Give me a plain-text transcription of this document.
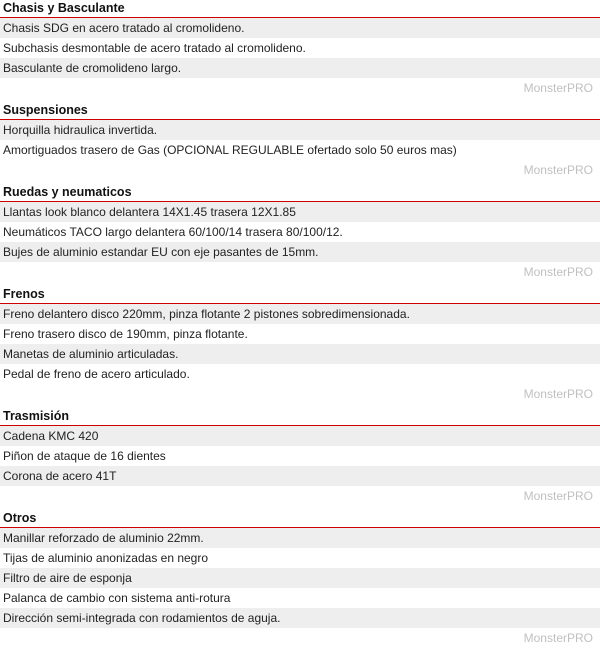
Chasis y Basculante
Chasis SDG en acero tratado al cromolideno.
Subchasis desmontable de acero tratado al cromolideno.
Basculante de cromolideno largo.
MonsterPRO
Suspensiones
Horquilla hidraulica invertida.
Amortiguados trasero de Gas (OPCIONAL REGULABLE ofertado solo 50 euros mas)
MonsterPRO
Ruedas y neumaticos
Llantas look blanco delantera 14X1.45 trasera 12X1.85
Neumáticos TACO largo delantera 60/100/14 trasera 80/100/12.
Bujes de aluminio estandar EU con eje pasantes de 15mm.
MonsterPRO
Frenos
Freno delantero disco 220mm, pinza flotante 2 pistones sobredimensionada.
Freno trasero disco de 190mm, pinza flotante.
Manetas de aluminio articuladas.
Pedal de freno de acero articulado.
MonsterPRO
Trasmisión
Cadena KMC 420
Piñon de ataque de 16 dientes
Corona de acero 41T
MonsterPRO
Otros
Manillar reforzado de aluminio 22mm.
Tijas de aluminio anonizadas en negro
Filtro de aire de esponja
Palanca de cambio con sistema anti-rotura
Dirección semi-integrada con rodamientos de aguja.
MonsterPRO
